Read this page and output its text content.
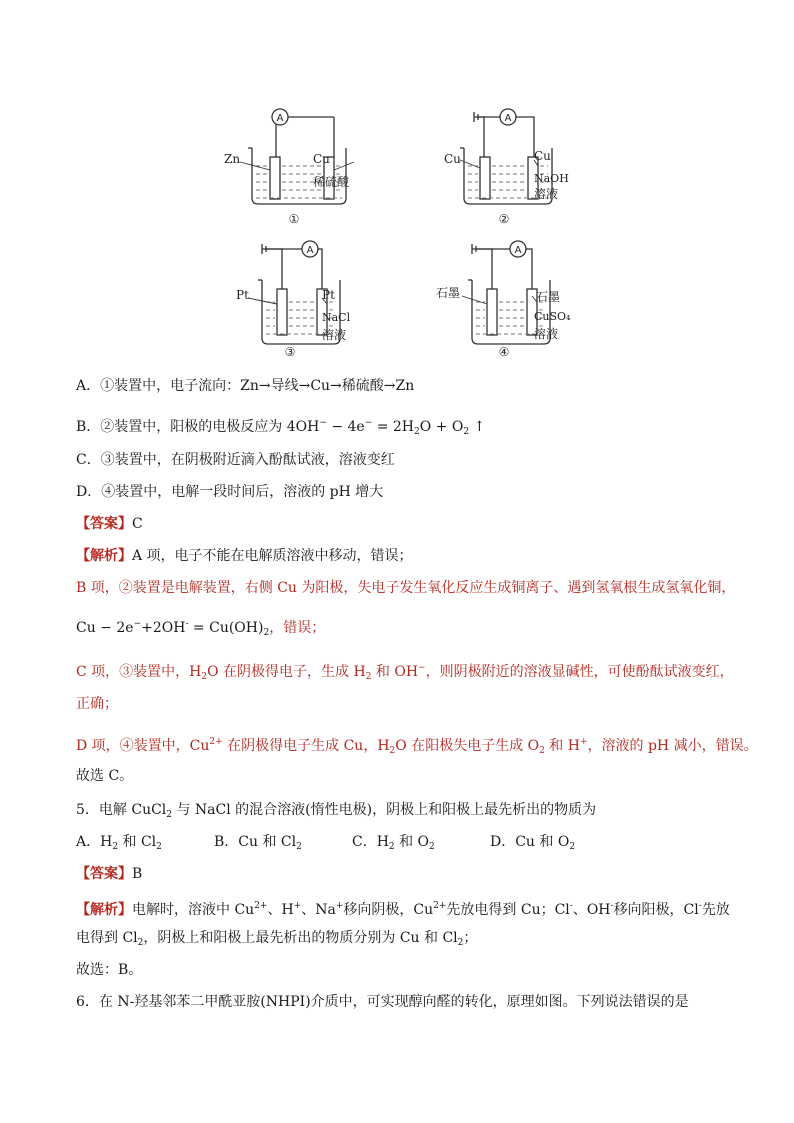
A
Zn	Cu
稀硫酸
①
A
Cu	Cu
NaOH
溶液
②
A
Pt	Pt
NaCl
溶液
③
石墨	石墨
A
CuSO₄
溶液
④
A．①装置中，电子流向：Zn→导线→Cu→稀硫酸→Zn
B．②装置中，阳极的电极反应为 $4OH^- - 4e^- = 2H_2O + O_2$ ↑
C．③装置中，在阴极附近滴入酚酞试液，溶液变红
D．④装置中，电解一段时间后，溶液的 pH 增大
【答案】C
【解析】A 项，电子不能在电解质溶液中移动，错误；
B 项，②装置是电解装置，右侧 Cu 为阳极，失电子发生氧化反应生成铜离子、遇到氢氧根生成氢氧化铜，
$Cu - 2e^-+2OH^- = Cu(OH)_2$，错误；
C 项，③装置中，$H_2O$ 在阴极得电子，生成 $H_2$ 和 OH−，则阴极附近的溶液显碱性，可使酚酞试液变红，
正确；
D 项，④装置中，$Cu^{2+}$ 在阴极得电子生成 Cu，$H_2O$ 在阳极失电子生成 $O_2$ 和 H+，溶液的 pH 减小，错误。
故选 C。
5．电解 CuCl$_2$ 与 NaCl 的混合溶液(惰性电极)，阴极上和阳极上最先析出的物质为
A．$H_2$ 和 $Cl_2$	B．Cu 和 $Cl_2$	C．$H_2$ 和 $O_2$	D．Cu 和 $O_2$
【答案】B
【解析】电解时，溶液中 $Cu^{2+}$、H+、Na+移向阴极，$Cu^{2+}$先放电得到 Cu；Cl-、OH-移向阳极，Cl-先放
电得到 $Cl_2$，阴极上和阳极上最先析出的物质分别为 Cu 和 $Cl_2$；
故选：B。
6．在 N-羟基邻苯二甲酰亚胺(NHPI)介质中，可实现醇向醛的转化，原理如图。下列说法错误的是
